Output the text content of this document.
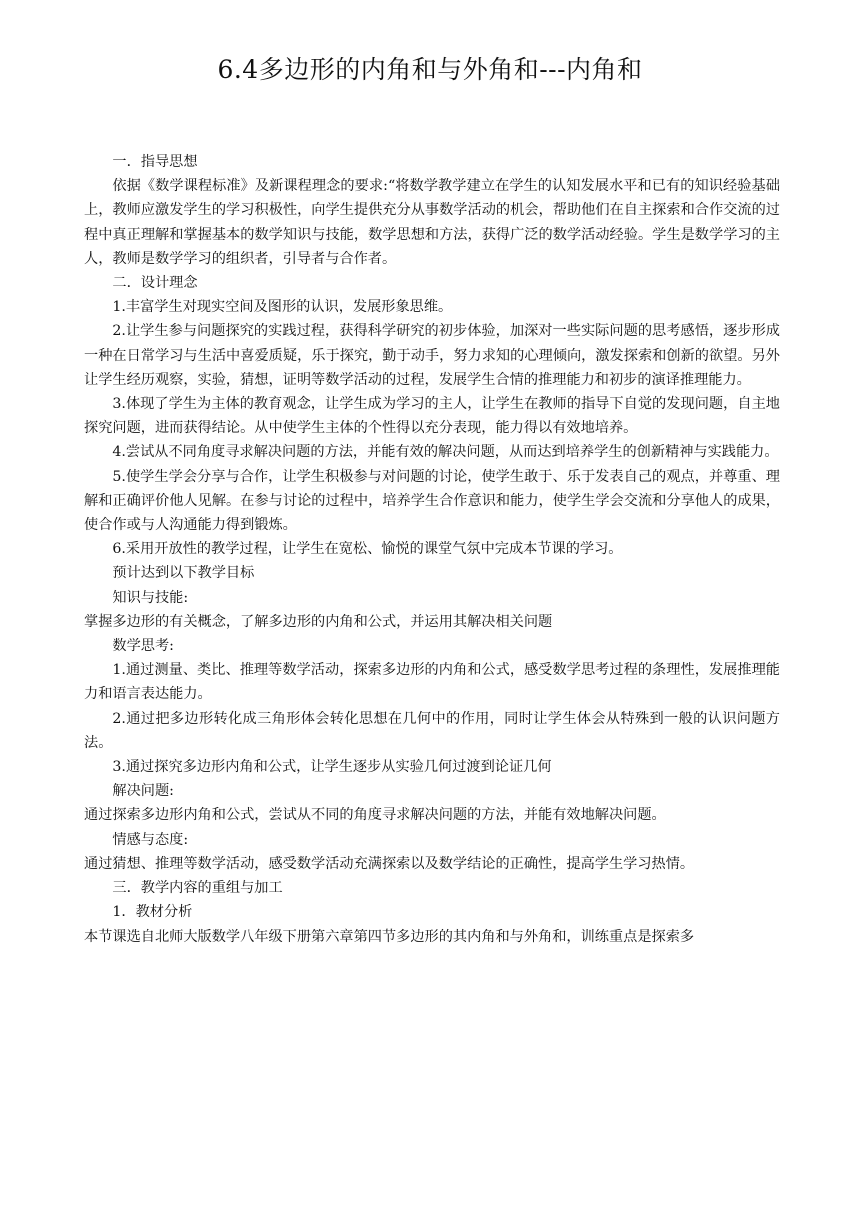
6.4多边形的内角和与外角和---内角和

一．指导思想

依据《数学课程标准》及新课程理念的要求:“将数学教学建立在学生的认知发展水平和已有的知识经验基础上，教师应激发学生的学习积极性，向学生提供充分从事数学活动的机会，帮助他们在自主探索和合作交流的过程中真正理解和掌握基本的数学知识与技能，数学思想和方法，获得广泛的数学活动经验。学生是数学学习的主人，教师是数学学习的组织者，引导者与合作者。

二．设计理念

1.丰富学生对现实空间及图形的认识，发展形象思维。

2.让学生参与问题探究的实践过程，获得科学研究的初步体验，加深对一些实际问题的思考感悟，逐步形成一种在日常学习与生活中喜爱质疑，乐于探究，勤于动手，努力求知的心理倾向，激发探索和创新的欲望。另外让学生经历观察，实验，猜想，证明等数学活动的过程，发展学生合情的推理能力和初步的演译推理能力。

3.体现了学生为主体的教育观念，让学生成为学习的主人，让学生在教师的指导下自觉的发现问题，自主地探究问题，进而获得结论。从中使学生主体的个性得以充分表现，能力得以有效地培养。

4.尝试从不同角度寻求解决问题的方法，并能有效的解决问题，从而达到培养学生的创新精神与实践能力。

5.使学生学会分享与合作，让学生积极参与对问题的讨论，使学生敢于、乐于发表自己的观点，并尊重、理解和正确评价他人见解。在参与讨论的过程中，培养学生合作意识和能力，使学生学会交流和分享他人的成果，使合作或与人沟通能力得到锻炼。

6.采用开放性的教学过程，让学生在宽松、愉悦的课堂气氛中完成本节课的学习。

预计达到以下教学目标

知识与技能:

掌握多边形的有关概念，了解多边形的内角和公式，并运用其解决相关问题

数学思考:

1.通过测量、类比、推理等数学活动，探索多边形的内角和公式，感受数学思考过程的条理性，发展推理能力和语言表达能力。

2.通过把多边形转化成三角形体会转化思想在几何中的作用，同时让学生体会从特殊到一般的认识问题方法。

3.通过探究多边形内角和公式，让学生逐步从实验几何过渡到论证几何

解决问题:

通过探索多边形内角和公式，尝试从不同的角度寻求解决问题的方法，并能有效地解决问题。

情感与态度:

通过猜想、推理等数学活动，感受数学活动充满探索以及数学结论的正确性，提高学生学习热情。

三．教学内容的重组与加工

1．教材分析

本节课选自北师大版数学八年级下册第六章第四节多边形的其内角和与外角和，训练重点是探索多
